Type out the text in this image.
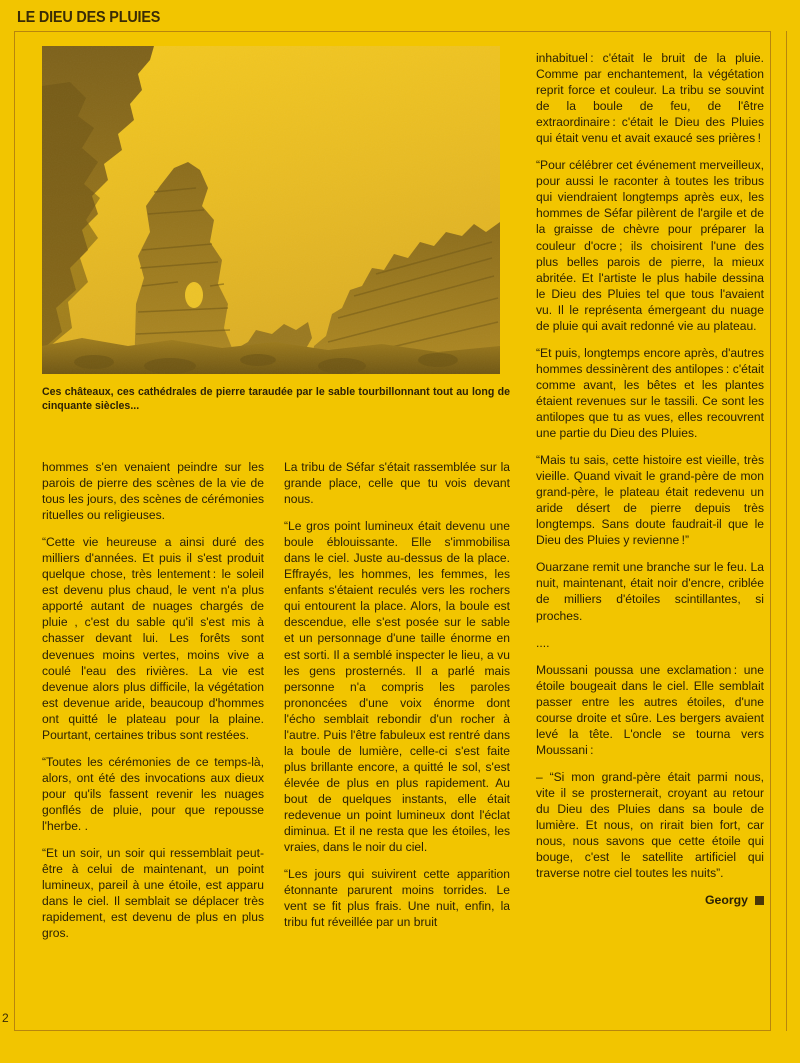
LE DIEU DES PLUIES
2
Ces châteaux, ces cathédrales de pierre taraudée par le sable tourbillonnant tout au long de cinquante siècles...

hommes s'en venaient peindre sur les parois de pierre des scènes de la vie de tous les jours, des scènes de cérémonies rituelles ou religieuses.

“Cette vie heureuse a ainsi duré des milliers d'années. Et puis il s'est produit quelque chose, très lentement : le soleil est devenu plus chaud, le vent n'a plus apporté autant de nuages chargés de pluie , c'est du sable qu'il s'est mis à chasser devant lui. Les forêts sont devenues moins vertes, moins vive a coulé l'eau des rivières. La vie est devenue alors plus difficile, la végétation est devenue aride, beaucoup d'hommes ont quitté le plateau pour la plaine. Pourtant, certaines tribus sont restées.

“Toutes les cérémonies de ce temps-là, alors, ont été des invocations aux dieux pour qu'ils fassent revenir les nuages gonflés de pluie, pour que repousse l'herbe. .

“Et un soir, un soir qui ressemblait peut-être à celui de maintenant, un point lumineux, pareil à une étoile, est apparu dans le ciel. Il semblait se déplacer très rapidement, est devenu de plus en plus gros.

La tribu de Séfar s'était rassemblée sur la grande place, celle que tu vois devant nous.

“Le gros point lumineux était devenu une boule éblouissante. Elle s'immobilisa dans le ciel. Juste au-dessus de la place. Effrayés, les hommes, les femmes, les enfants s'étaient reculés vers les rochers qui entourent la place. Alors, la boule est descendue, elle s'est posée sur le sable et un personnage d'une taille énorme en est sorti. Il a semblé inspecter le lieu, a vu les gens prosternés. Il a parlé mais personne n'a compris les paroles prononcées d'une voix énorme dont l'écho semblait rebondir d'un rocher à l'autre. Puis l'être fabuleux est rentré dans la boule de lumière, celle-ci s'est faite plus brillante encore, a quitté le sol, s'est élevée de plus en plus rapidement. Au bout de quelques instants, elle était redevenue un point lumineux dont l'éclat diminua. Et il ne resta que les étoiles, les vraies, dans le noir du ciel.

“Les jours qui suivirent cette apparition étonnante parurent moins torrides. Le vent se fit plus frais. Une nuit, enfin, la tribu fut réveillée par un bruit

inhabituel : c'était le bruit de la pluie. Comme par enchantement, la végétation reprit force et couleur. La tribu se souvint de la boule de feu, de l'être extraordinaire : c'était le Dieu des Pluies qui était venu et avait exaucé ses prières !

“Pour célébrer cet événement merveilleux, pour aussi le raconter à toutes les tribus qui viendraient longtemps après eux, les hommes de Séfar pilèrent de l'argile et de la graisse de chèvre pour préparer la couleur d'ocre ; ils choisirent l'une des plus belles parois de pierre, la mieux abritée. Et l'artiste le plus habile dessina le Dieu des Pluies tel que tous l'avaient vu. Il le représenta émergeant du nuage de pluie qui avait redonné vie au plateau.

“Et puis, longtemps encore après, d'autres hommes dessinèrent des antilopes : c'était comme avant, les bêtes et les plantes étaient revenues sur le tassili. Ce sont les antilopes que tu as vues, elles recouvrent une partie du Dieu des Pluies.

“Mais tu sais, cette histoire est vieille, très vieille. Quand vivait le grand-père de mon grand-père, le plateau était redevenu un aride désert de pierre depuis très longtemps. Sans doute faudrait-il que le Dieu des Pluies y revienne !”

Ouarzane remit une branche sur le feu. La nuit, maintenant, était noir d'encre, criblée de milliers d'étoiles scintillantes, si proches.

....

Moussani poussa une exclamation : une étoile bougeait dans le ciel. Elle semblait passer entre les autres étoiles, d'une course droite et sûre. Les bergers avaient levé la tête. L'oncle se tourna vers Moussani :

– “Si mon grand-père était parmi nous, vite il se prosternerait, croyant au retour du Dieu des Pluies dans sa boule de lumière. Et nous, on rirait bien fort, car nous, nous savons que cette étoile qui bouge, c'est le satellite artificiel qui traverse notre ciel toutes les nuits”.

Georgy
